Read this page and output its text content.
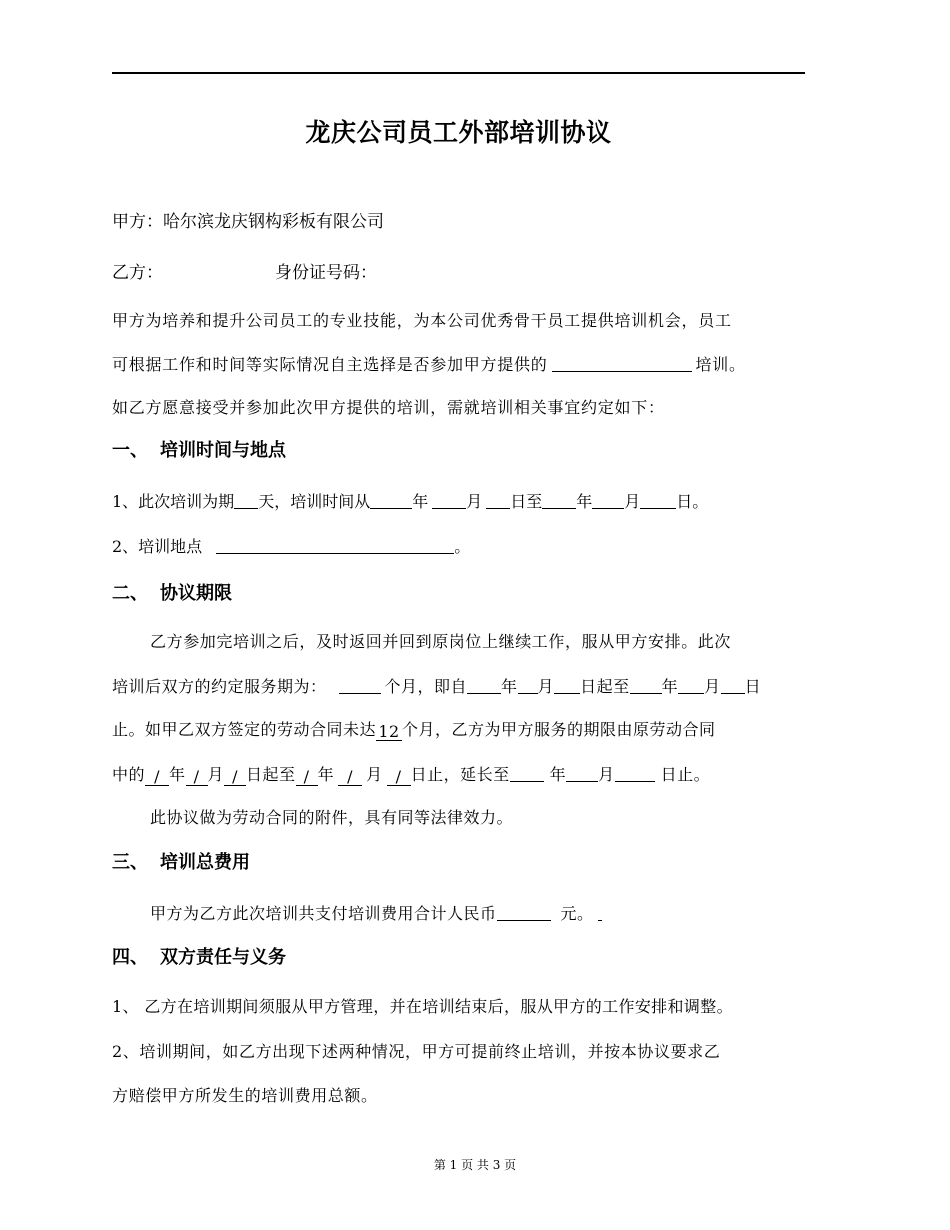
龙庆公司员工外部培训协议
甲方：哈尔滨龙庆钢构彩板有限公司
乙方：	身份证号码：
甲方为培养和提升公司员工的专业技能，为本公司优秀骨干员工提供培训机会，员工
可根据工作和时间等实际情况自主选择是否参加甲方提供的	培训。
如乙方愿意接受并参加此次甲方提供的培训，需就培训相关事宜约定如下：
一、 培训时间与地点
1、此次培训为期 天，培训时间从	年 月 日至 年 月 日。
2、培训地点	。
二、 协议期限
乙方参加完培训之后，及时返回并回到原岗位上继续工作，服从甲方安排。此次
培训后双方的约定服务期为：	个月，即自 年 月 日起至 年 月 日
止。如甲乙双方签定的劳动合同未达 12 个月，乙方为甲方服务的期限由原劳动合同
中的 / 年 / 月 / 日起至 / 年 / 月 / 日止，延长至	年 月	日止。
此协议做为劳动合同的附件，具有同等法律效力。
三、 培训总费用
甲方为乙方此次培训共支付培训费用合计人民币	元。
四、 双方责任与义务
1、 乙方在培训期间须服从甲方管理，并在培训结束后，服从甲方的工作安排和调整。
2、培训期间，如乙方出现下述两种情况，甲方可提前终止培训，并按本协议要求乙
方赔偿甲方所发生的培训费用总额。
第 1 页 共 3 页
